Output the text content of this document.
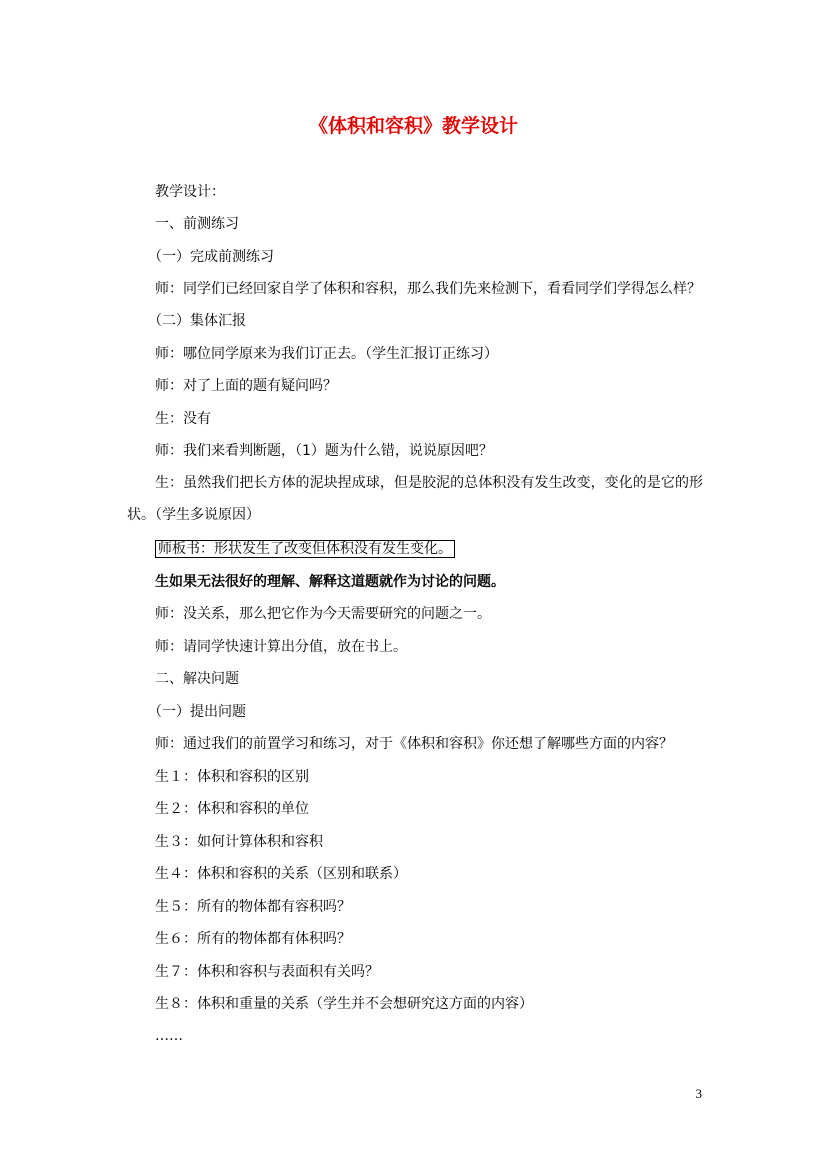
《体积和容积》教学设计
教学设计：
一、前测练习
（一）完成前测练习
师：同学们已经回家自学了体积和容积，那么我们先来检测下，看看同学们学得怎么样？
（二）集体汇报
师：哪位同学原来为我们订正去。（学生汇报订正练习）
师：对了上面的题有疑问吗？
生：没有
师：我们来看判断题，（1）题为什么错，说说原因吧？
生：虽然我们把长方体的泥块捏成球，但是胶泥的总体积没有发生改变，变化的是它的形状。（学生多说原因）
师板书：形状发生了改变但体积没有发生变化。
生如果无法很好的理解、解释这道题就作为讨论的问题。
师：没关系，那么把它作为今天需要研究的问题之一。
师：请同学快速计算出分值，放在书上。
二、解决问题
（一）提出问题
师：通过我们的前置学习和练习，对于《体积和容积》你还想了解哪些方面的内容？
生１：体积和容积的区别
生２：体积和容积的单位
生３：如何计算体积和容积
生４：体积和容积的关系（区别和联系）
生５：所有的物体都有容积吗？
生６：所有的物体都有体积吗？
生７：体积和容积与表面积有关吗？
生８：体积和重量的关系（学生并不会想研究这方面的内容）
……
3
